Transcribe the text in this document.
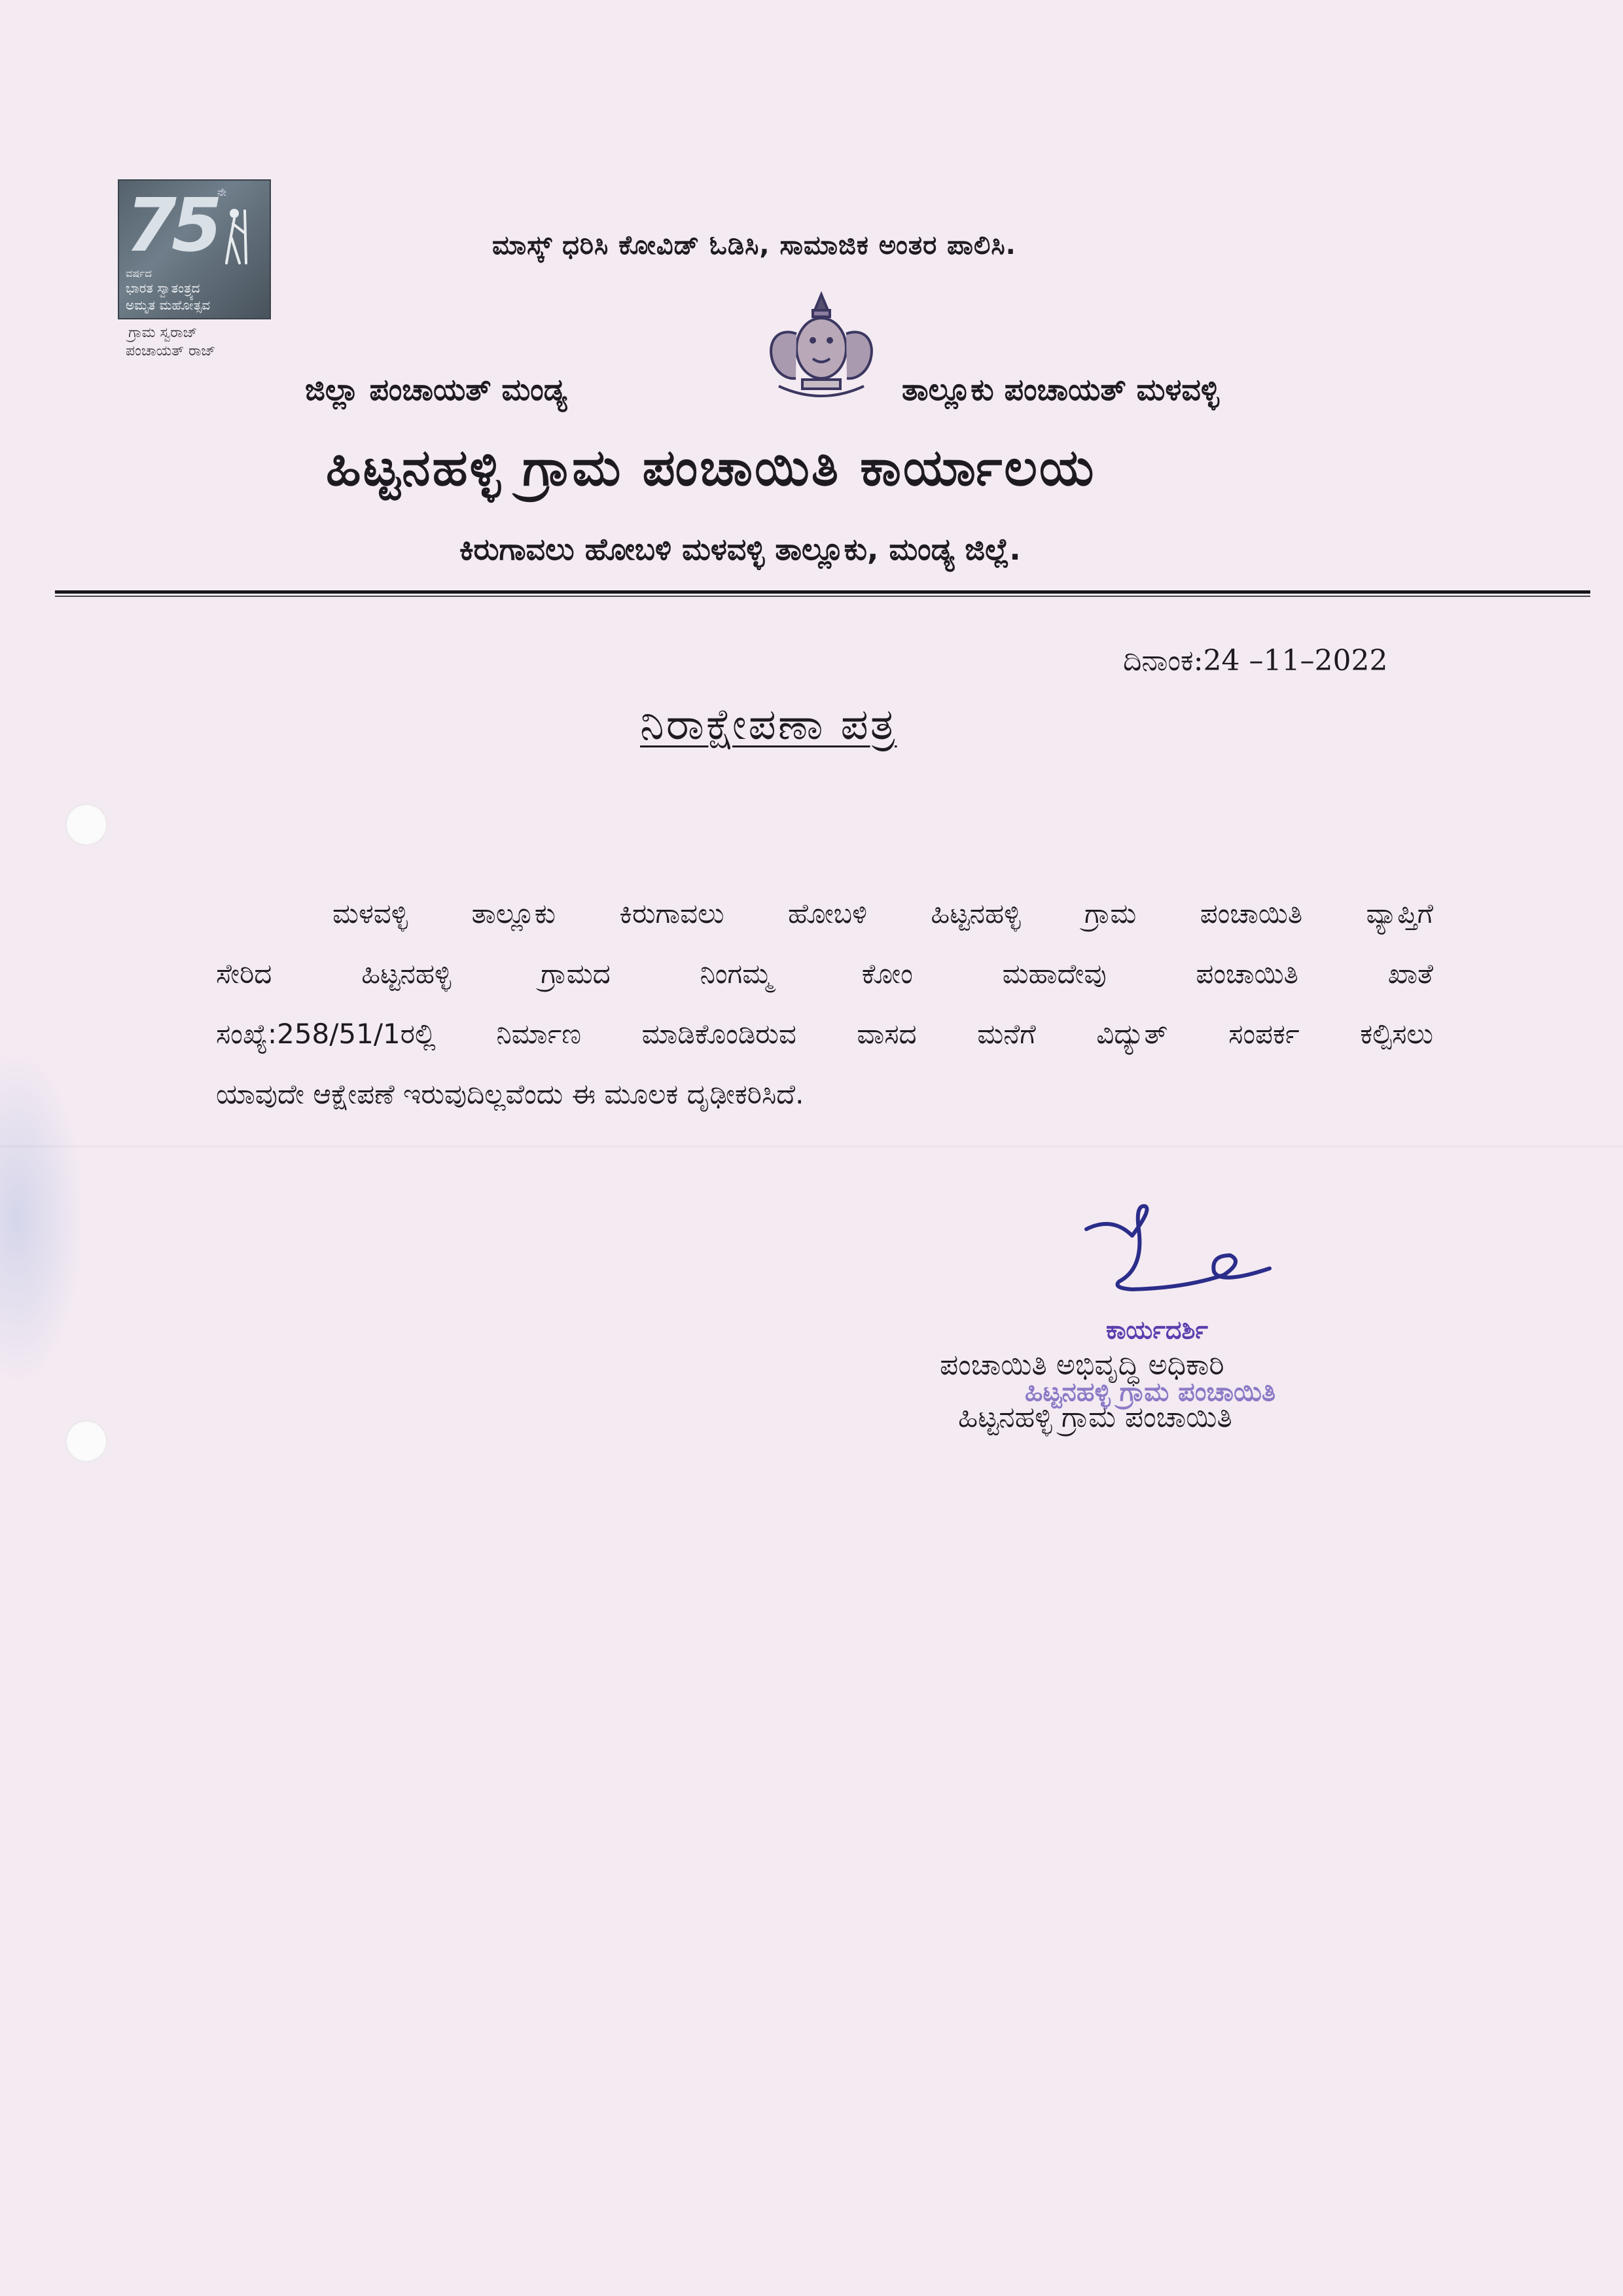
75 ನೇ
ವರ್ಷದ
ಭಾರತ ಸ್ವಾತಂತ್ರ್ಯದ
ಅಮೃತ ಮಹೋತ್ಸವ
ಗ್ರಾಮ ಸ್ವರಾಜ್
ಪಂಚಾಯತ್ ರಾಜ್
ಮಾಸ್ಕ್ ಧರಿಸಿ ಕೋವಿಡ್ ಓಡಿಸಿ, ಸಾಮಾಜಿಕ ಅಂತರ ಪಾಲಿಸಿ.
ಜಿಲ್ಲಾ ಪಂಚಾಯತ್ ಮಂಡ್ಯ	ತಾಲ್ಲೂಕು ಪಂಚಾಯತ್ ಮಳವಳ್ಳಿ
ಹಿಟ್ಟನಹಳ್ಳಿ ಗ್ರಾಮ ಪಂಚಾಯಿತಿ ಕಾರ್ಯಾಲಯ
ಕಿರುಗಾವಲು ಹೋಬಳಿ ಮಳವಳ್ಳಿ ತಾಲ್ಲೂಕು, ಮಂಡ್ಯ ಜಿಲ್ಲೆ.
ದಿನಾಂಕ:24 –11–2022
ನಿರಾಕ್ಷೇಪಣಾ ಪತ್ರ
ಮಳವಳ್ಳಿ ತಾಲ್ಲೂಕು ಕಿರುಗಾವಲು ಹೋಬಳಿ ಹಿಟ್ಟನಹಳ್ಳಿ ಗ್ರಾಮ ಪಂಚಾಯಿತಿ ವ್ಯಾಪ್ತಿಗೆ
ಸೇರಿದ ಹಿಟ್ಟನಹಳ್ಳಿ ಗ್ರಾಮದ ನಿಂಗಮ್ಮ ಕೋಂ ಮಹಾದೇವು ಪಂಚಾಯಿತಿ ಖಾತೆ
ಸಂಖ್ಯೆ:258/51/1ರಲ್ಲಿ ನಿರ್ಮಾಣ ಮಾಡಿಕೊಂಡಿರುವ ವಾಸದ ಮನೆಗೆ ವಿದ್ಯುತ್ ಸಂಪರ್ಕ ಕಲ್ಪಿಸಲು
ಯಾವುದೇ ಆಕ್ಷೇಪಣೆ ಇರುವುದಿಲ್ಲವೆಂದು ಈ ಮೂಲಕ ದೃಢೀಕರಿಸಿದೆ.
ಕಾರ್ಯದರ್ಶಿ
ಪಂಚಾಯಿತಿ ಅಭಿವೃದ್ಧಿ ಅಧಿಕಾರಿ
ಹಿಟ್ಟನಹಳ್ಳಿ ಗ್ರಾಮ ಪಂಚಾಯಿತಿ
ಹಿಟ್ಟನಹಳ್ಳಿ ಗ್ರಾಮ ಪಂಚಾಯಿತಿ
